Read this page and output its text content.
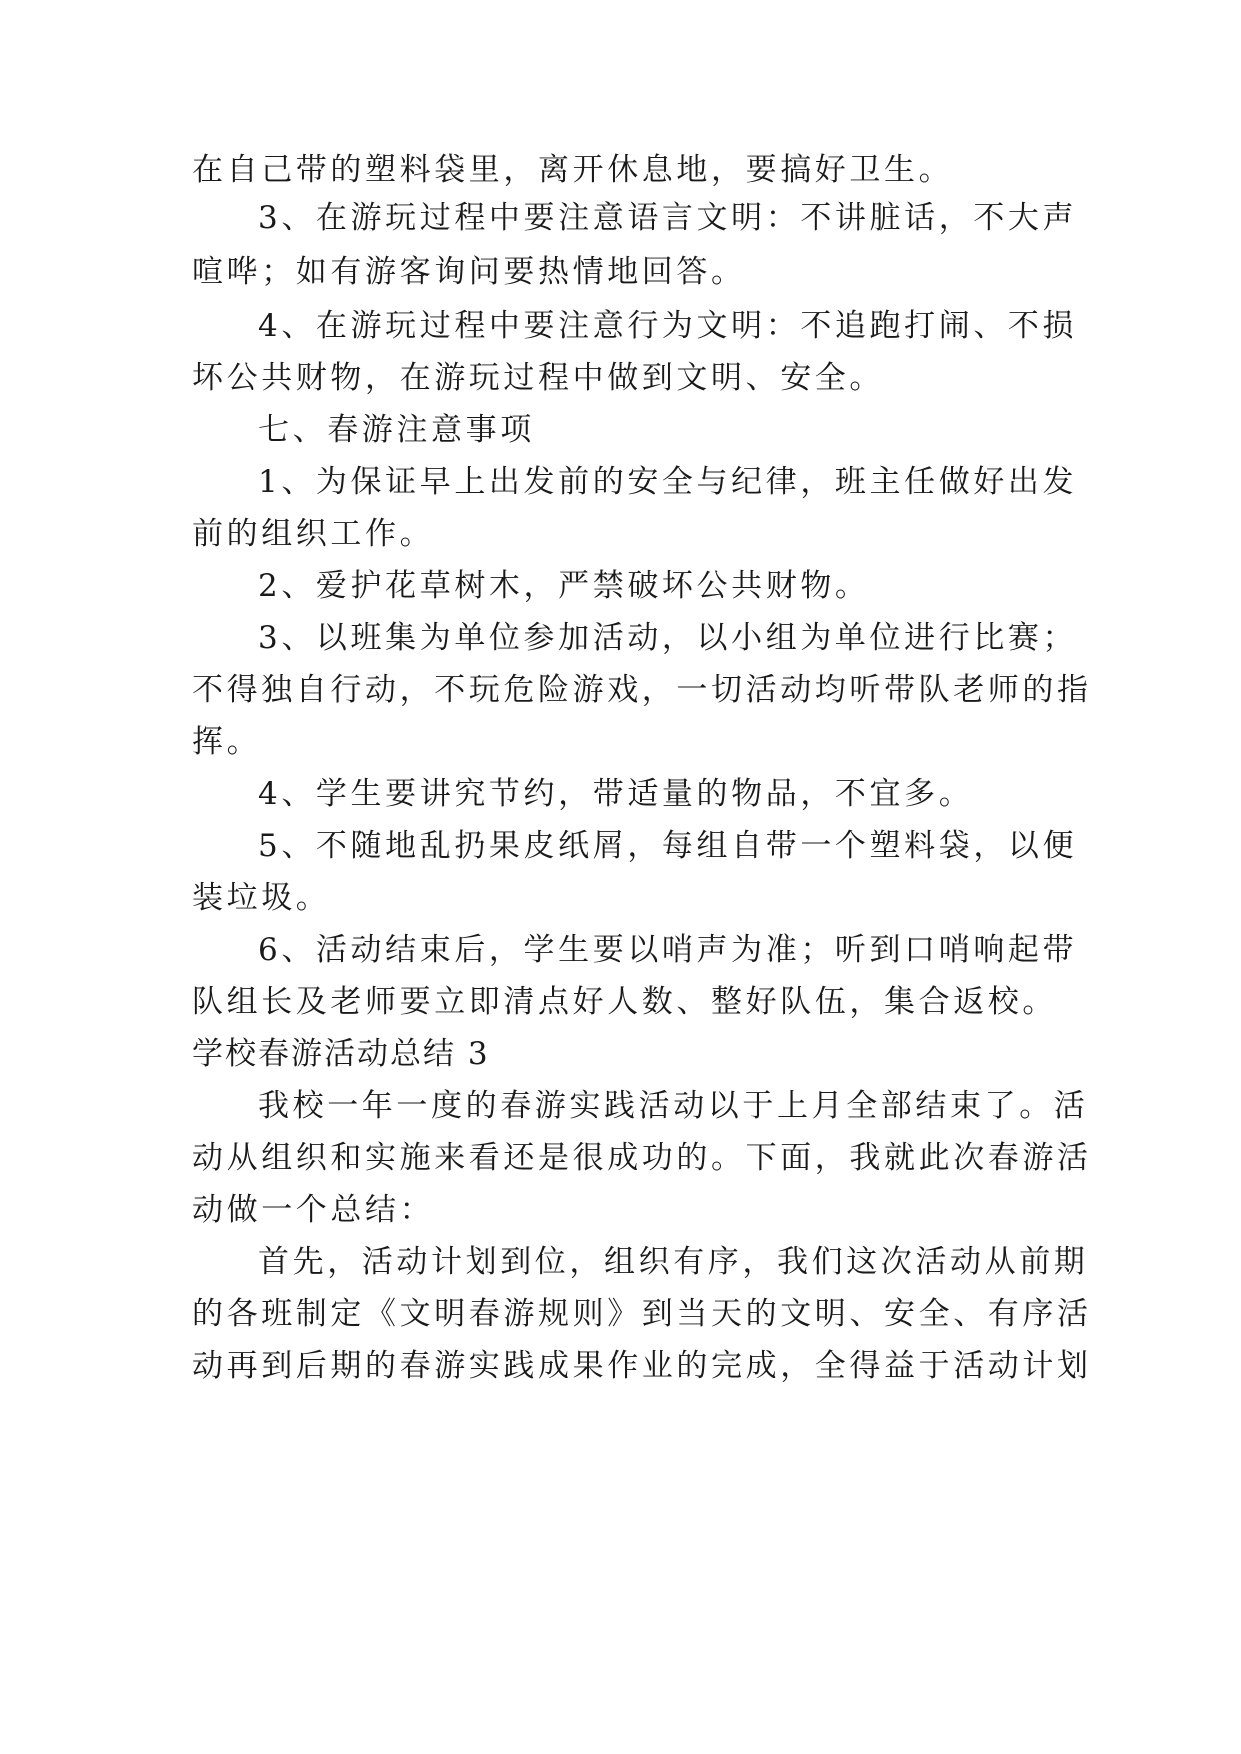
在自己带的塑料袋里，离开休息地，要搞好卫生。
3、在游玩过程中要注意语言文明：不讲脏话，不大声
喧哗；如有游客询问要热情地回答。
4、在游玩过程中要注意行为文明：不追跑打闹、不损
坏公共财物，在游玩过程中做到文明、安全。
七、春游注意事项
1、为保证早上出发前的安全与纪律，班主任做好出发
前的组织工作。
2、爱护花草树木，严禁破坏公共财物。
3、以班集为单位参加活动，以小组为单位进行比赛；
不得独自行动，不玩危险游戏，一切活动均听带队老师的指
挥。
4、学生要讲究节约，带适量的物品，不宜多。
5、不随地乱扔果皮纸屑，每组自带一个塑料袋，以便
装垃圾。
6、活动结束后，学生要以哨声为准；听到口哨响起带
队组长及老师要立即清点好人数、整好队伍，集合返校。
学校春游活动总结 3
我校一年一度的春游实践活动以于上月全部结束了。活
动从组织和实施来看还是很成功的。下面，我就此次春游活
动做一个总结：
首先，活动计划到位，组织有序，我们这次活动从前期
的各班制定《文明春游规则》到当天的文明、安全、有序活
动再到后期的春游实践成果作业的完成，全得益于活动计划
